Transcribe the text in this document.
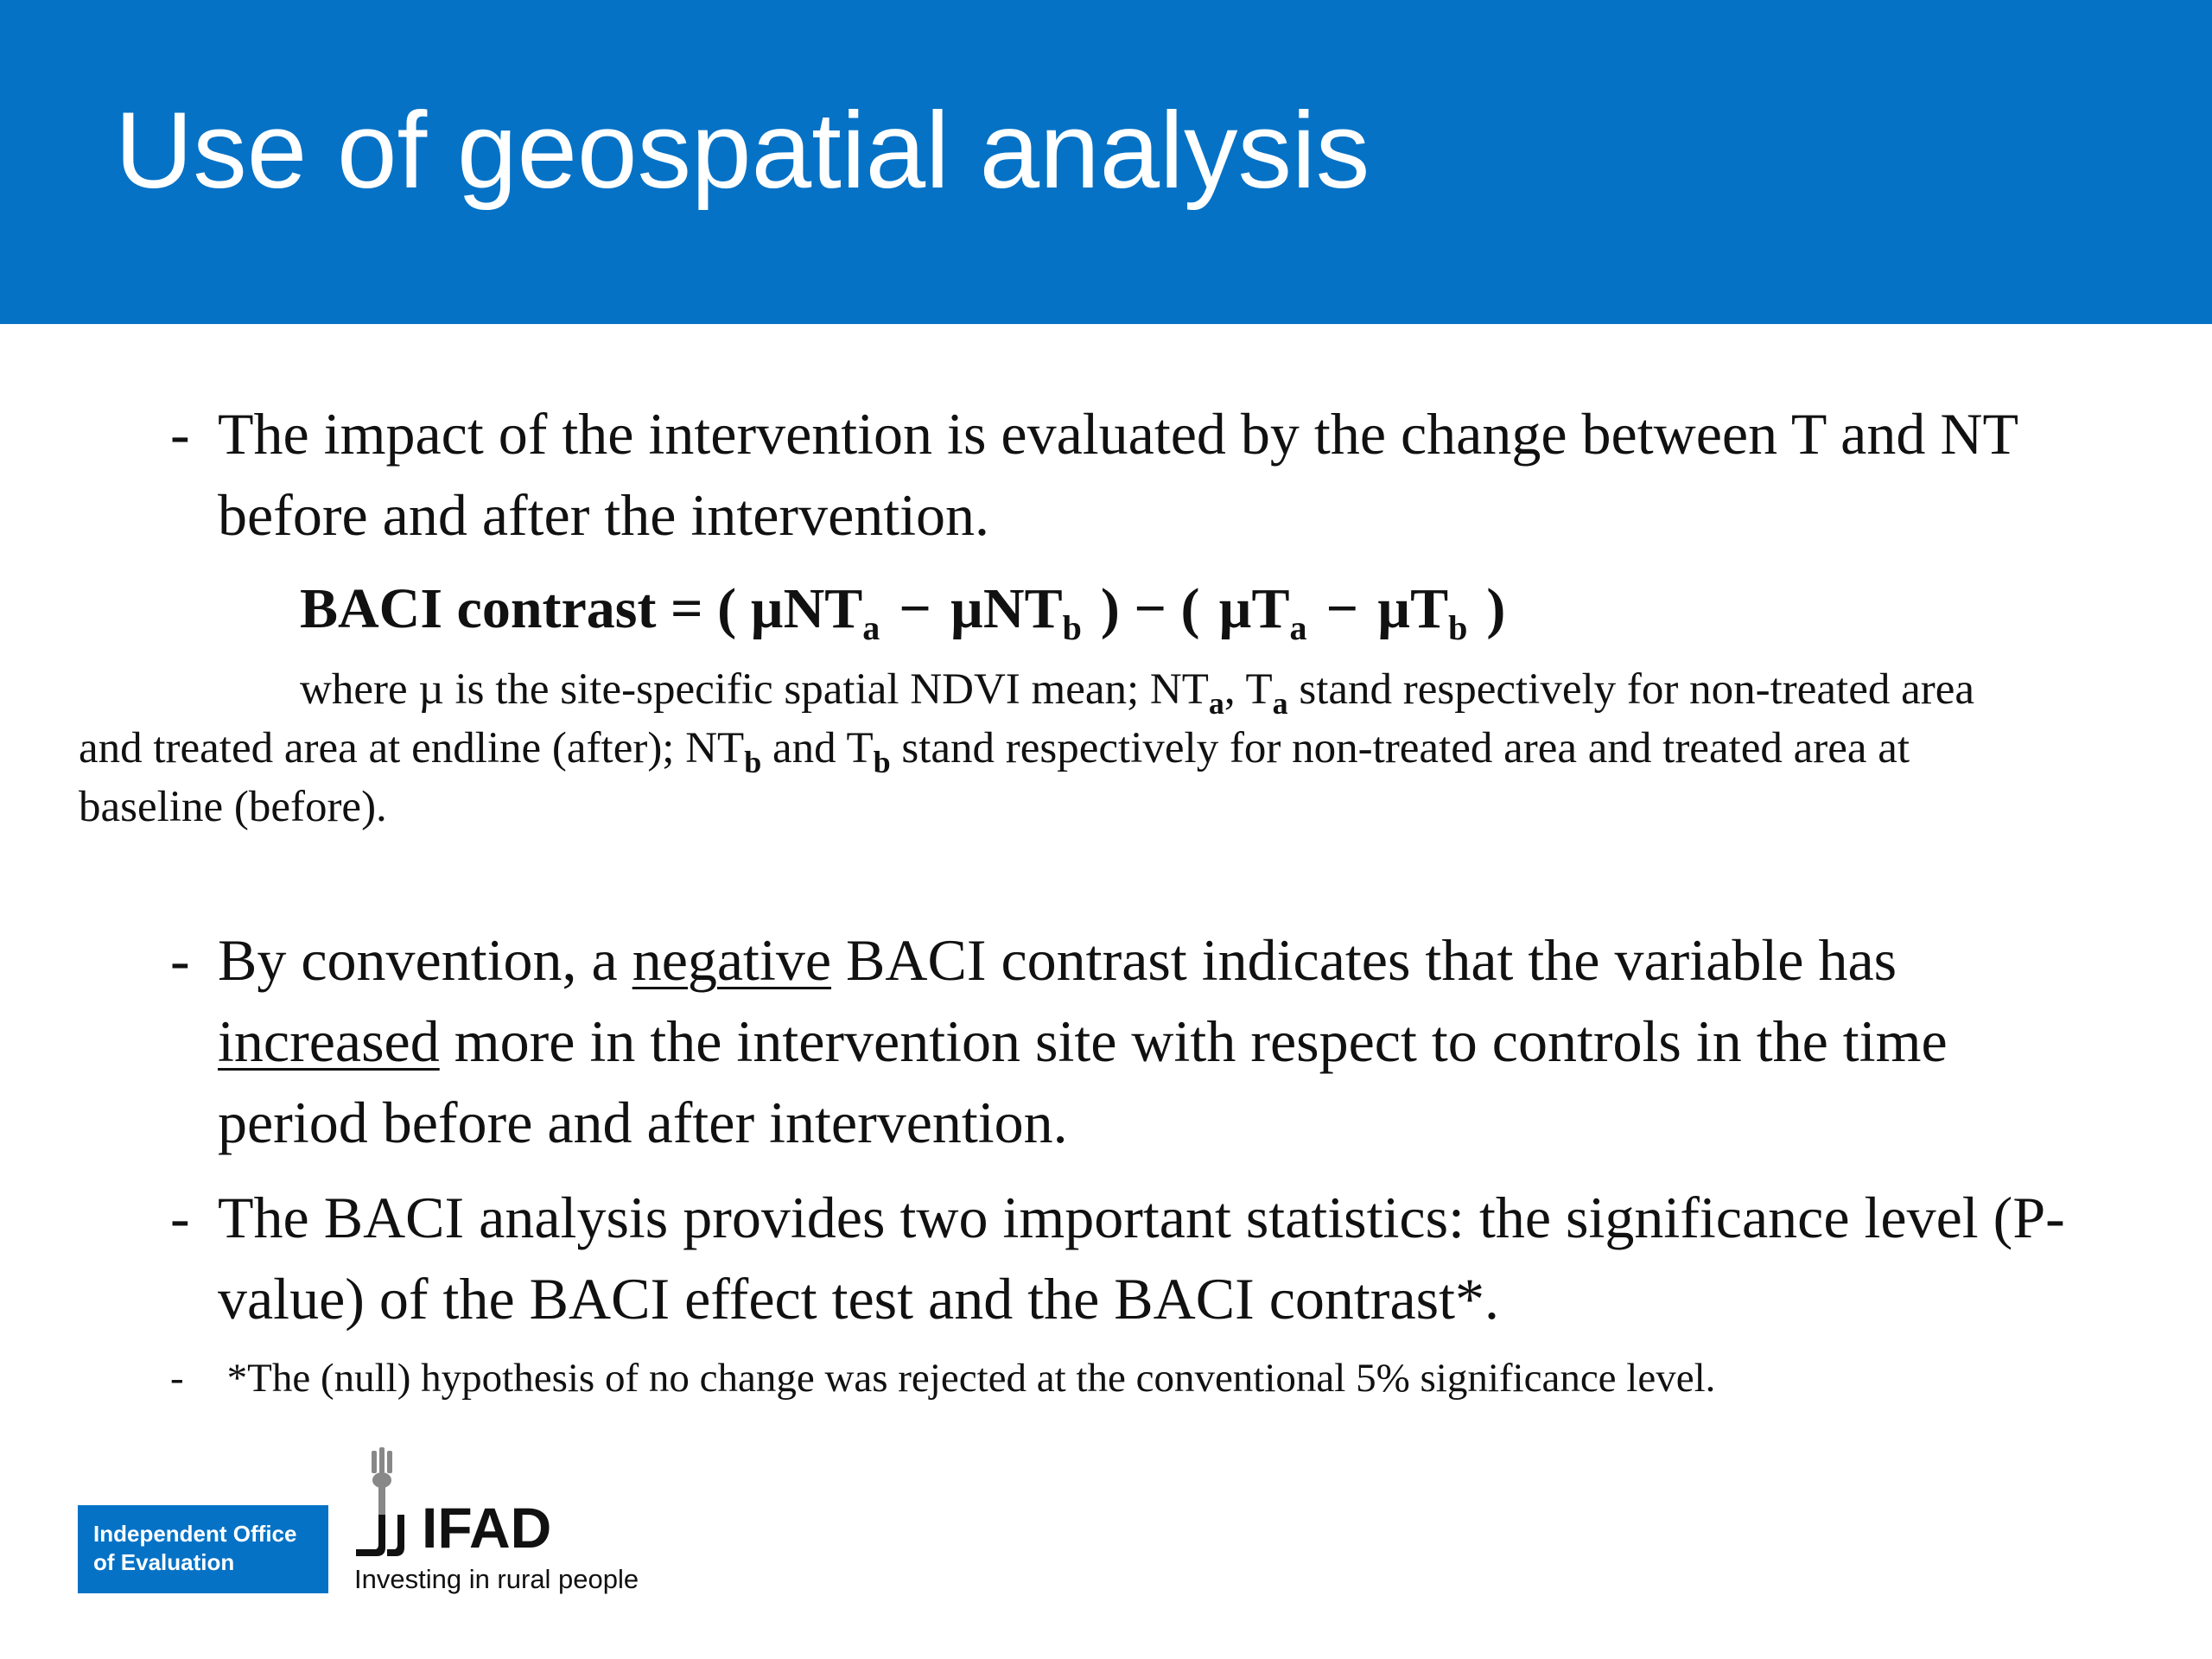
Use of geospatial analysis
- The impact of the intervention is evaluated by the change between T and NT before and after the intervention.
BACI contrast = ( µNT$_a$ − µNT$_b$ ) − ( µT$_a$ − µT$_b$ )
where µ is the site-specific spatial NDVI mean; $NT_a$, $T_a$ stand respectively for non-treated area and treated area at endline (after); $NT_b$ and $T_b$ stand respectively for non-treated area and treated area at baseline (before).
- By convention, a negative BACI contrast indicates that the variable has increased more in the intervention site with respect to controls in the time period before and after intervention.
- The BACI analysis provides two important statistics: the significance level (P-value) of the BACI effect test and the BACI contrast*.
- *The (null) hypothesis of no change was rejected at the conventional 5% significance level.
Independent Office
of Evaluation
IFAD
Investing in rural people
